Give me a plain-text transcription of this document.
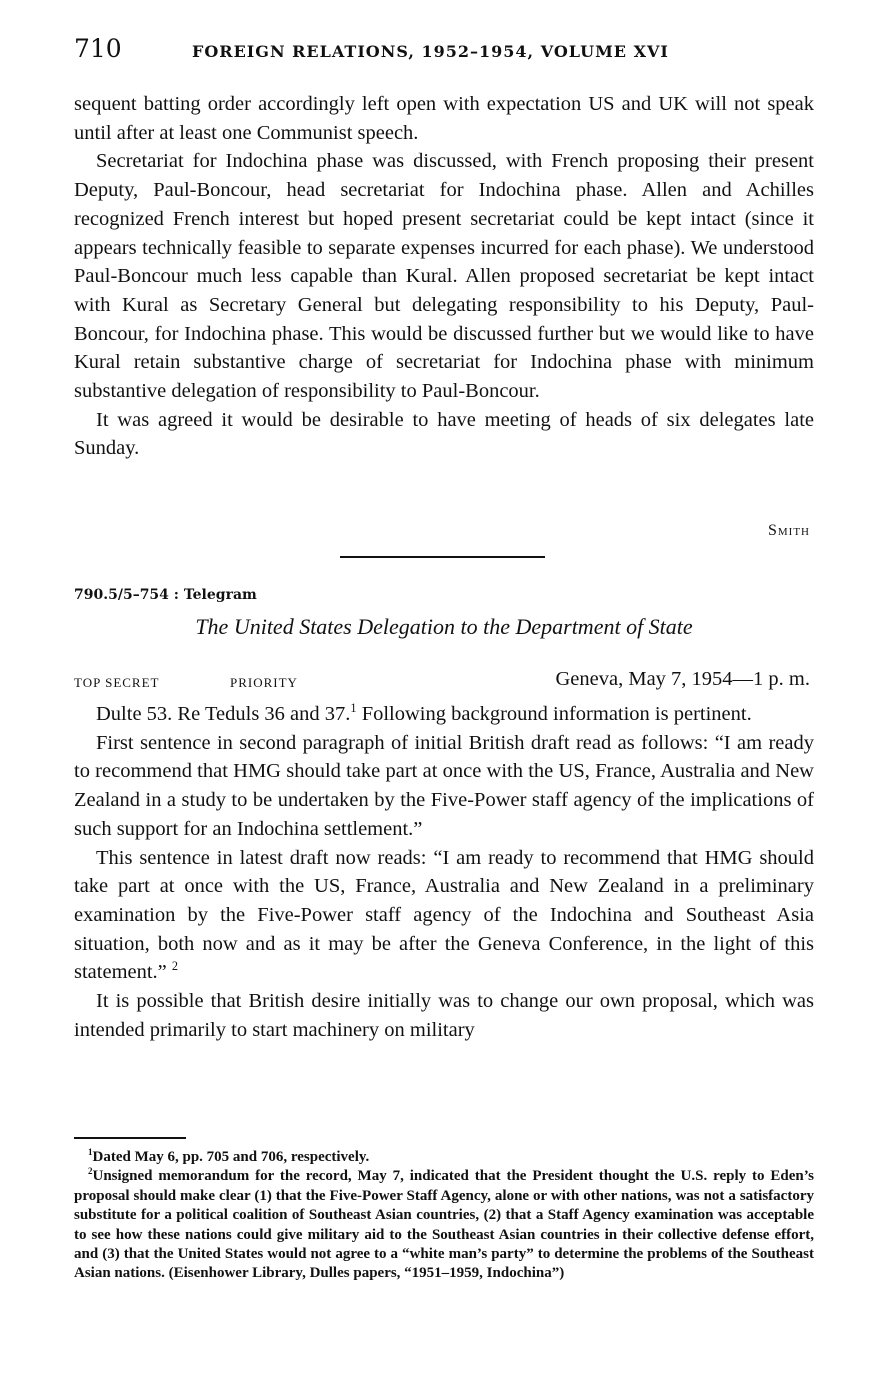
710	FOREIGN RELATIONS, 1952–1954, VOLUME XVI

sequent batting order accordingly left open with expectation US and UK will not speak until after at least one Communist speech.

Secretariat for Indochina phase was discussed, with French proposing their present Deputy, Paul-Boncour, head secretariat for Indochina phase. Allen and Achilles recognized French interest but hoped present secretariat could be kept intact (since it appears technically feasible to separate expenses incurred for each phase). We understood Paul-Boncour much less capable than Kural. Allen proposed secretariat be kept intact with Kural as Secretary General but delegating responsibility to his Deputy, Paul-Boncour, for Indochina phase. This would be discussed further but we would like to have Kural retain substantive charge of secretariat for Indochina phase with minimum substantive delegation of responsibility to Paul-Boncour.

It was agreed it would be desirable to have meeting of heads of six delegates late Sunday.

Smith
790.5/5–754 : Telegram
The United States Delegation to the Department of State
TOP SECRET	PRIORITY	Geneva, May 7, 1954—1 p. m.

Dulte 53. Re Teduls 36 and 37.$^1$ Following background information is pertinent.

First sentence in second paragraph of initial British draft read as follows: “I am ready to recommend that HMG should take part at once with the US, France, Australia and New Zealand in a study to be undertaken by the Five-Power staff agency of the implications of such support for an Indochina settlement.”

This sentence in latest draft now reads: “I am ready to recommend that HMG should take part at once with the US, France, Australia and New Zealand in a preliminary examination by the Five-Power staff agency of the Indochina and Southeast Asia situation, both now and as it may be after the Geneva Conference, in the light of this statement.” $^2$

It is possible that British desire initially was to change our own proposal, which was intended primarily to start machinery on military

$^1$Dated May 6, pp. 705 and 706, respectively.

$^2$Unsigned memorandum for the record, May 7, indicated that the President thought the U.S. reply to Eden’s proposal should make clear (1) that the Five-Power Staff Agency, alone or with other nations, was not a satisfactory substitute for a political coalition of Southeast Asian countries, (2) that a Staff Agency examination was acceptable to see how these nations could give military aid to the Southeast Asian countries in their collective defense effort, and (3) that the United States would not agree to a “white man’s party” to determine the problems of the Southeast Asian nations. (Eisenhower Library, Dulles papers, “1951–1959, Indochina”)
